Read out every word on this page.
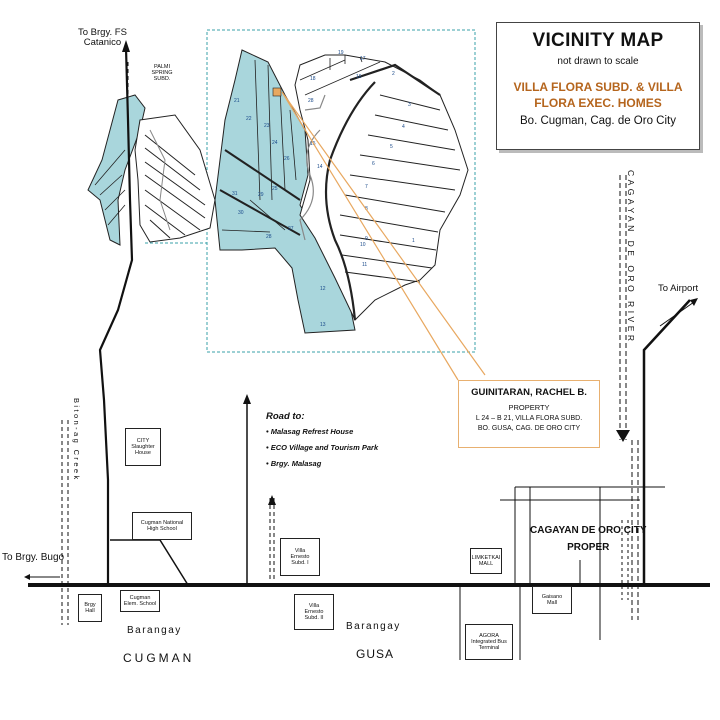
19
17
16
18
2
3
4
5
6
7
8
9
10
1
11
12
13
14
15
21
22
23
24
26
25
29
27
28
28
30
31
VICINITY MAP
not drawn to scale
VILLA FLORA SUBD. & VILLA
FLORA EXEC. HOMES
Bo. Cugman, Cag. de Oro City
GUINITARAN, RACHEL B.
PROPERTY
L 24 – B 21, VILLA FLORA SUBD.
BO. GUSA, CAG. DE ORO CITY
To Brgy. FS
Catanico
To Airport
To Brgy. Bugo
Road to:
• Malasag Refrest House
• ECO Village and Tourism Park
• Brgy. Malasag
PALMI SPRING SUBD.
CITY Slaughter House
Cugman National High School
Brgy Hall
Cugman Elem. School
Villa Ernesto Subd. I
Villa Ernesto Subd. II
LIMKETKAI MALL
Gaisano Mall
AGORA Integrated Bus Terminal
CAGAYAN DE ORO CITY
PROPER
Barangay
CUGMAN
Barangay
GUSA
CAGAYAN DE ORO RIVER
Biton-ag Creek
